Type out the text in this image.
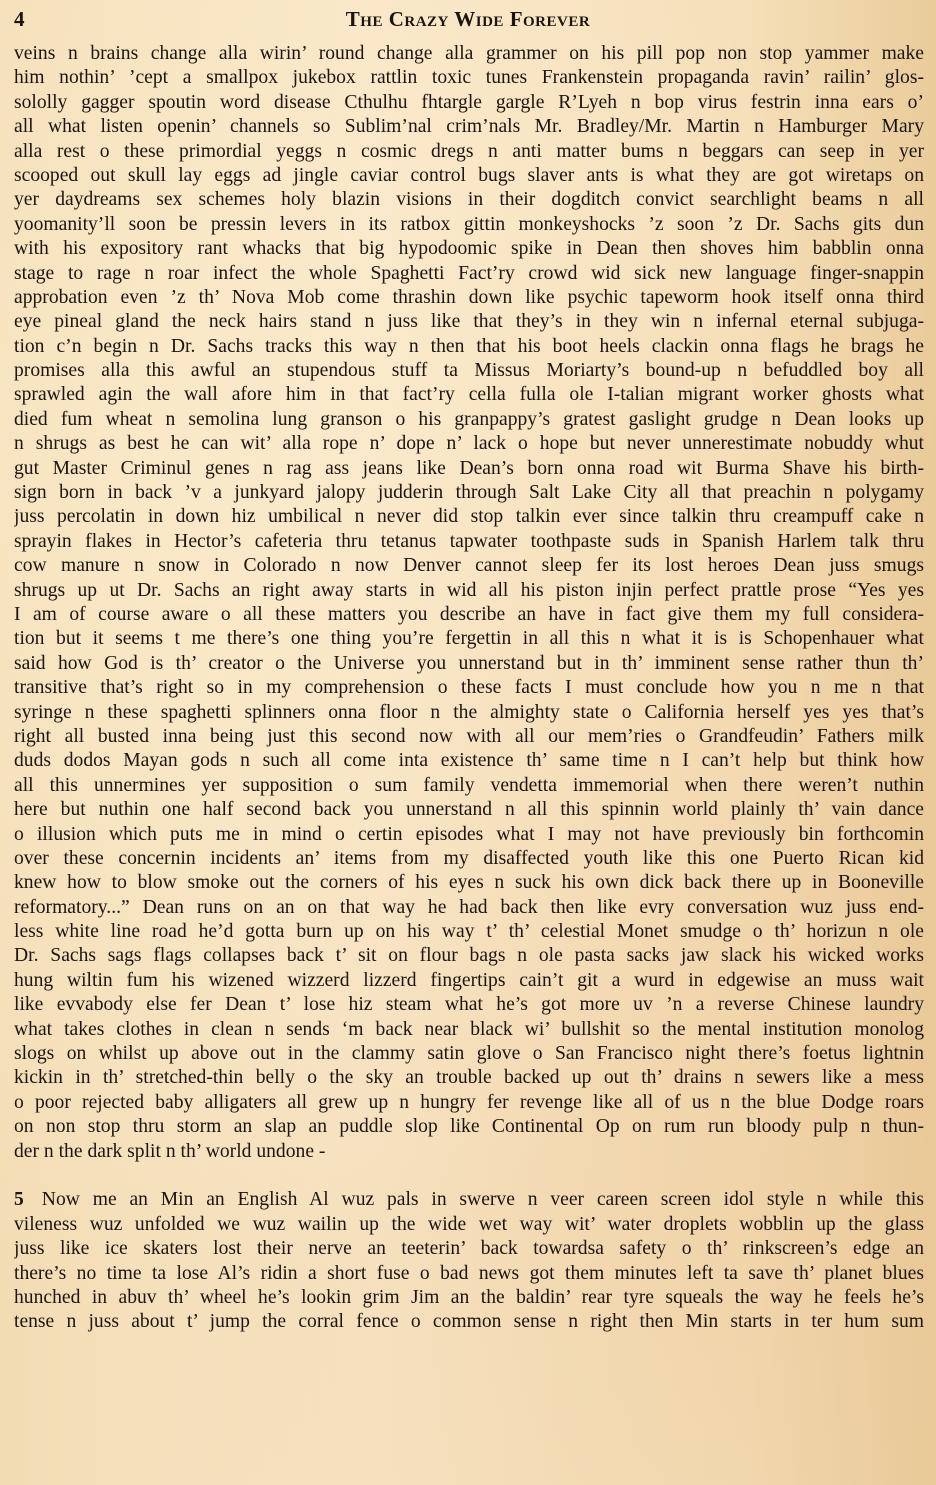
4	The Crazy Wide Forever
veins n brains change alla wirin’ round change alla grammer on his pill pop non stop yammer make
him nothin’ ’cept a smallpox jukebox rattlin toxic tunes Frankenstein propaganda ravin’ railin’ glos-
sololly gagger spoutin word disease Cthulhu fhtargle gargle R’Lyeh n bop virus festrin inna ears o’
all what listen openin’ channels so Sublim’nal crim’nals Mr. Bradley/Mr. Martin n Hamburger Mary
alla rest o these primordial yeggs n cosmic dregs n anti matter bums n beggars can seep in yer
scooped out skull lay eggs ad jingle caviar control bugs slaver ants is what they are got wiretaps on
yer daydreams sex schemes holy blazin visions in their dogditch convict searchlight beams n all
yoomanity’ll soon be pressin levers in its ratbox gittin monkeyshocks ’z soon ’z Dr. Sachs gits dun
with his expository rant whacks that big hypodoomic spike in Dean then shoves him babblin onna
stage to rage n roar infect the whole Spaghetti Fact’ry crowd wid sick new language finger-snappin
approbation even ’z th’ Nova Mob come thrashin down like psychic tapeworm hook itself onna third
eye pineal gland the neck hairs stand n juss like that they’s in they win n infernal eternal subjuga-
tion c’n begin n Dr. Sachs tracks this way n then that his boot heels clackin onna flags he brags he
promises alla this awful an stupendous stuff ta Missus Moriarty’s bound-up n befuddled boy all
sprawled agin the wall afore him in that fact’ry cella fulla ole I-talian migrant worker ghosts what
died fum wheat n semolina lung granson o his granpappy’s gratest gaslight grudge n Dean looks up
n shrugs as best he can wit’ alla rope n’ dope n’ lack o hope but never unnerestimate nobuddy whut
gut Master Criminul genes n rag ass jeans like Dean’s born onna road wit Burma Shave his birth-
sign born in back ’v a junkyard jalopy judderin through Salt Lake City all that preachin n polygamy
juss percolatin in down hiz umbilical n never did stop talkin ever since talkin thru creampuff cake n
sprayin flakes in Hector’s cafeteria thru tetanus tapwater toothpaste suds in Spanish Harlem talk thru
cow manure n snow in Colorado n now Denver cannot sleep fer its lost heroes Dean juss smugs
shrugs up ut Dr. Sachs an right away starts in wid all his piston injin perfect prattle prose “Yes yes
I am of course aware o all these matters you describe an have in fact give them my full considera-
tion but it seems t me there’s one thing you’re fergettin in all this n what it is is Schopenhauer what
said how God is th’ creator o the Universe you unnerstand but in th’ imminent sense rather thun th’
transitive that’s right so in my comprehension o these facts I must conclude how you n me n that
syringe n these spaghetti splinners onna floor n the almighty state o California herself yes yes that’s
right all busted inna being just this second now with all our mem’ries o Grandfeudin’ Fathers milk
duds dodos Mayan gods n such all come inta existence th’ same time n I can’t help but think how
all this unnermines yer supposition o sum family vendetta immemorial when there weren’t nuthin
here but nuthin one half second back you unnerstand n all this spinnin world plainly th’ vain dance
o illusion which puts me in mind o certin episodes what I may not have previously bin forthcomin
over these concernin incidents an’ items from my disaffected youth like this one Puerto Rican kid
knew how to blow smoke out the corners of his eyes n suck his own dick back there up in Booneville
reformatory...” Dean runs on an on that way he had back then like evry conversation wuz juss end-
less white line road he’d gotta burn up on his way t’ th’ celestial Monet smudge o th’ horizun n ole
Dr. Sachs sags flags collapses back t’ sit on flour bags n ole pasta sacks jaw slack his wicked works
hung wiltin fum his wizened wizzerd lizzerd fingertips cain’t git a wurd in edgewise an muss wait
like evvabody else fer Dean t’ lose hiz steam what he’s got more uv ’n a reverse Chinese laundry
what takes clothes in clean n sends ‘m back near black wi’ bullshit so the mental institution monolog
slogs on whilst up above out in the clammy satin glove o San Francisco night there’s foetus lightnin
kickin in th’ stretched-thin belly o the sky an trouble backed up out th’ drains n sewers like a mess
o poor rejected baby alligaters all grew up n hungry fer revenge like all of us n the blue Dodge roars
on non stop thru storm an slap an puddle slop like Continental Op on rum run bloody pulp n thun-
der n the dark split n th’ world undone -
5 Now me an Min an English Al wuz pals in swerve n veer careen screen idol style n while this
vileness wuz unfolded we wuz wailin up the wide wet way wit’ water droplets wobblin up the glass
juss like ice skaters lost their nerve an teeterin’ back towardsa safety o th’ rinkscreen’s edge an
there’s no time ta lose Al’s ridin a short fuse o bad news got them minutes left ta save th’ planet blues
hunched in abuv th’ wheel he’s lookin grim Jim an the baldin’ rear tyre squeals the way he feels he’s
tense n juss about t’ jump the corral fence o common sense n right then Min starts in ter hum sum
